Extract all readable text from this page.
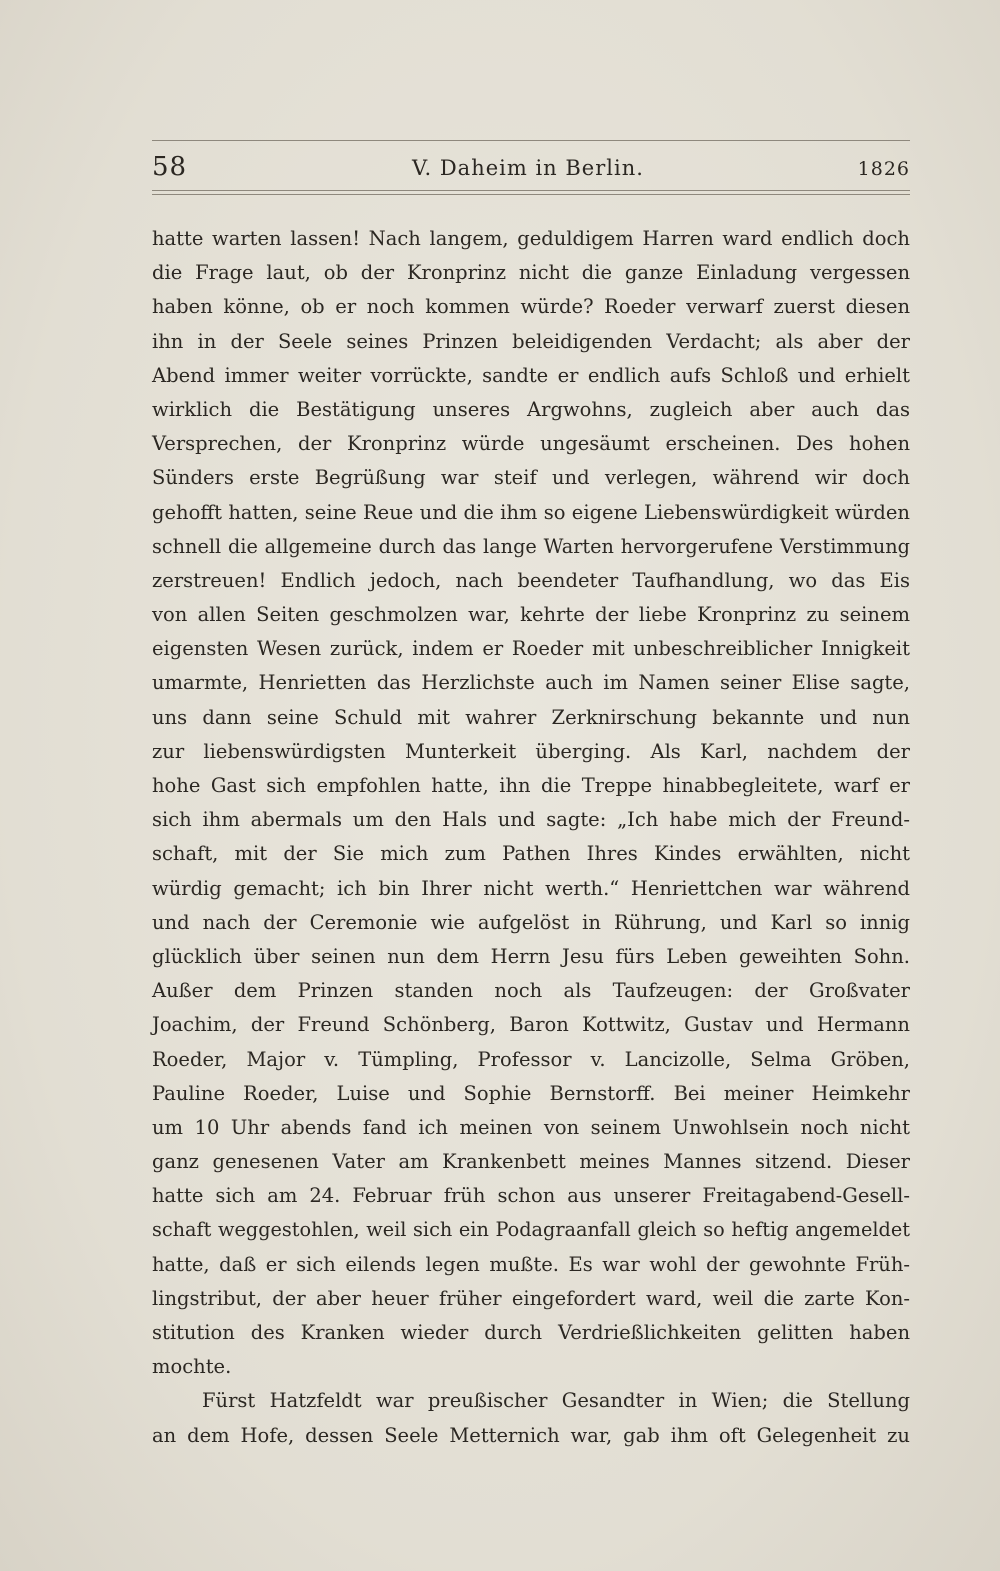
58	V. Daheim in Berlin.	1826
hatte warten lassen! Nach langem, geduldigem Harren ward endlich doch
die Frage laut, ob der Kronprinz nicht die ganze Einladung vergessen
haben könne, ob er noch kommen würde? Roeder verwarf zuerst diesen
ihn in der Seele seines Prinzen beleidigenden Verdacht; als aber der
Abend immer weiter vorrückte, sandte er endlich aufs Schloß und erhielt
wirklich die Bestätigung unseres Argwohns, zugleich aber auch das
Versprechen, der Kronprinz würde ungesäumt erscheinen. Des hohen
Sünders erste Begrüßung war steif und verlegen, während wir doch
gehofft hatten, seine Reue und die ihm so eigene Liebenswürdigkeit würden
schnell die allgemeine durch das lange Warten hervorgerufene Verstimmung
zerstreuen! Endlich jedoch, nach beendeter Taufhandlung, wo das Eis
von allen Seiten geschmolzen war, kehrte der liebe Kronprinz zu seinem
eigensten Wesen zurück, indem er Roeder mit unbeschreiblicher Innigkeit
umarmte, Henrietten das Herzlichste auch im Namen seiner Elise sagte,
uns dann seine Schuld mit wahrer Zerknirschung bekannte und nun
zur liebenswürdigsten Munterkeit überging. Als Karl, nachdem der
hohe Gast sich empfohlen hatte, ihn die Treppe hinabbegleitete, warf er
sich ihm abermals um den Hals und sagte: „Ich habe mich der Freund-
schaft, mit der Sie mich zum Pathen Ihres Kindes erwählten, nicht
würdig gemacht; ich bin Ihrer nicht werth.“ Henriettchen war während
und nach der Ceremonie wie aufgelöst in Rührung, und Karl so innig
glücklich über seinen nun dem Herrn Jesu fürs Leben geweihten Sohn.
Außer dem Prinzen standen noch als Taufzeugen: der Großvater
Joachim, der Freund Schönberg, Baron Kottwitz, Gustav und Hermann
Roeder, Major v. Tümpling, Professor v. Lancizolle, Selma Gröben,
Pauline Roeder, Luise und Sophie Bernstorff. Bei meiner Heimkehr
um 10 Uhr abends fand ich meinen von seinem Unwohlsein noch nicht
ganz genesenen Vater am Krankenbett meines Mannes sitzend. Dieser
hatte sich am 24. Februar früh schon aus unserer Freitagabend-Gesell-
schaft weggestohlen, weil sich ein Podagraanfall gleich so heftig angemeldet
hatte, daß er sich eilends legen mußte. Es war wohl der gewohnte Früh-
lingstribut, der aber heuer früher eingefordert ward, weil die zarte Kon-
stitution des Kranken wieder durch Verdrießlichkeiten gelitten haben
mochte.
Fürst Hatzfeldt war preußischer Gesandter in Wien; die Stellung
an dem Hofe, dessen Seele Metternich war, gab ihm oft Gelegenheit zu
